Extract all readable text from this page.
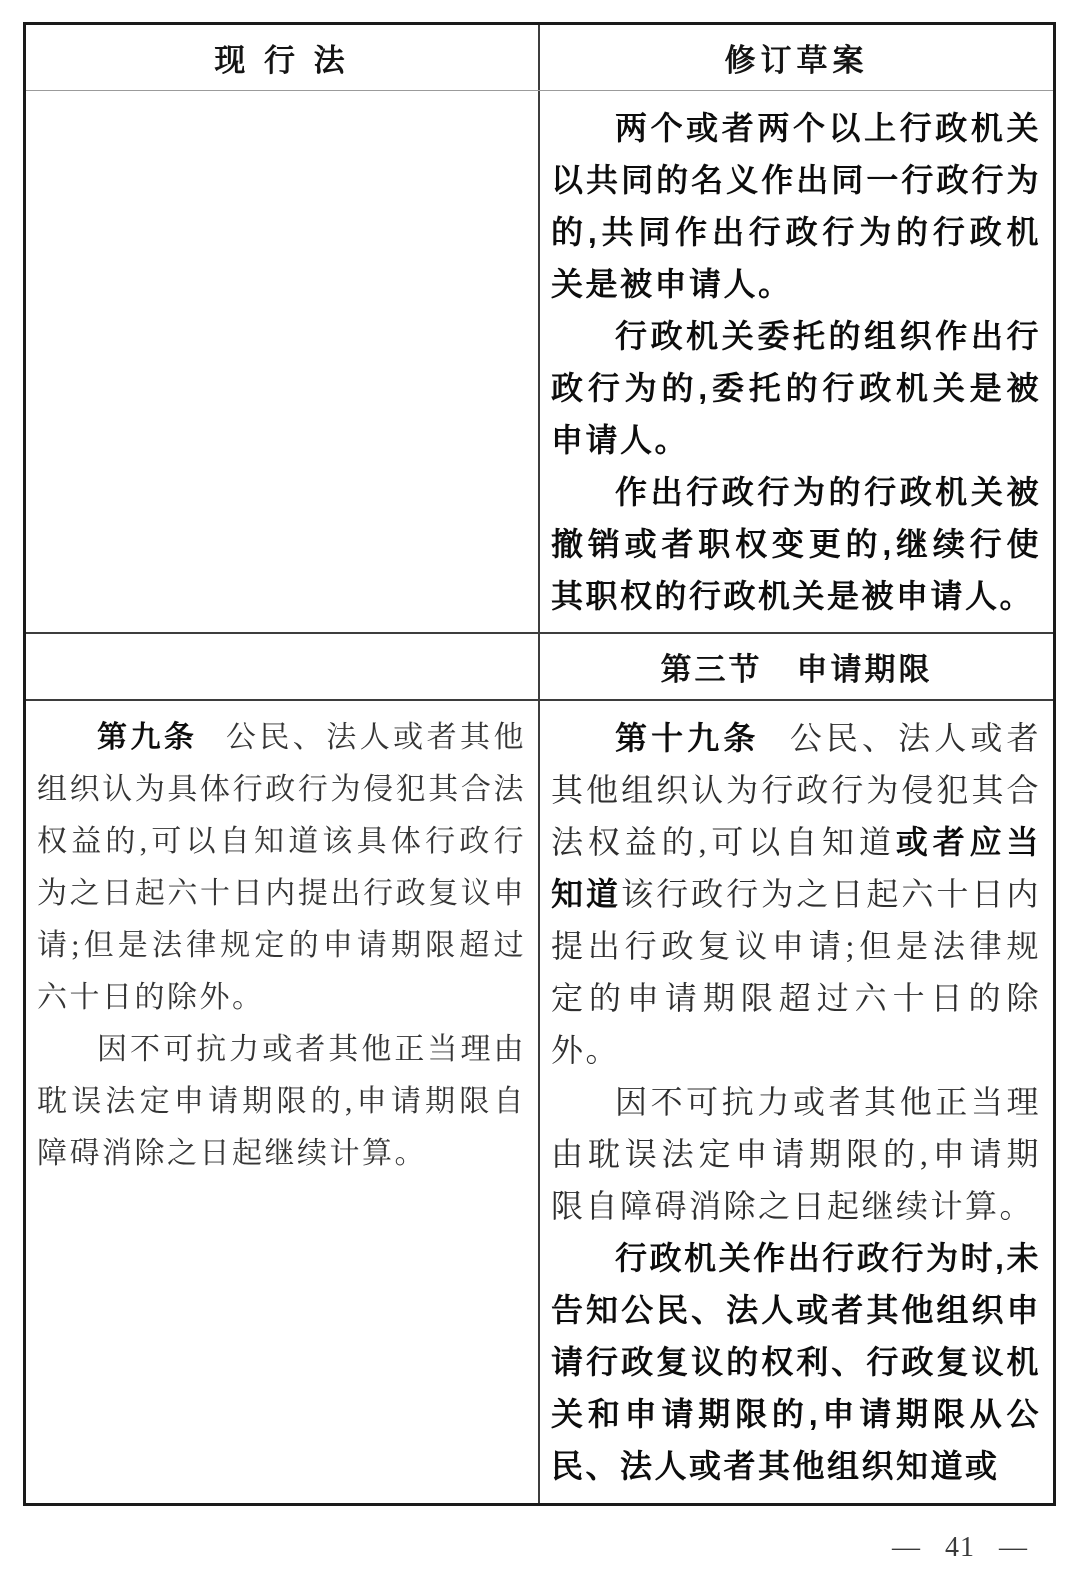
现 行 法	修订草案

两个或者两个以上行政机关以共同的名义作出同一行政行为的,共同作出行政行为的行政机关是被申请人。

行政机关委托的组织作出行政行为的,委托的行政机关是被申请人。

作出行政行为的行政机关被撤销或者职权变更的,继续行使其职权的行政机关是被申请人。

第三节　申请期限

第九条 公民、法人或者其他组织认为具体行政行为侵犯其合法权益的,可以自知道该具体行政行为之日起六十日内提出行政复议申请;但是法律规定的申请期限超过六十日的除外。

因不可抗力或者其他正当理由耽误法定申请期限的,申请期限自障碍消除之日起继续计算。

第十九条 公民、法人或者其他组织认为行政行为侵犯其合法权益的,可以自知道或者应当知道该行政行为之日起六十日内提出行政复议申请;但是法律规定的申请期限超过六十日的除外。

因不可抗力或者其他正当理由耽误法定申请期限的,申请期限自障碍消除之日起继续计算。

行政机关作出行政行为时,未告知公民、法人或者其他组织申请行政复议的权利、行政复议机关和申请期限的,申请期限从公民、法人或者其他组织知道或

— 41 —
